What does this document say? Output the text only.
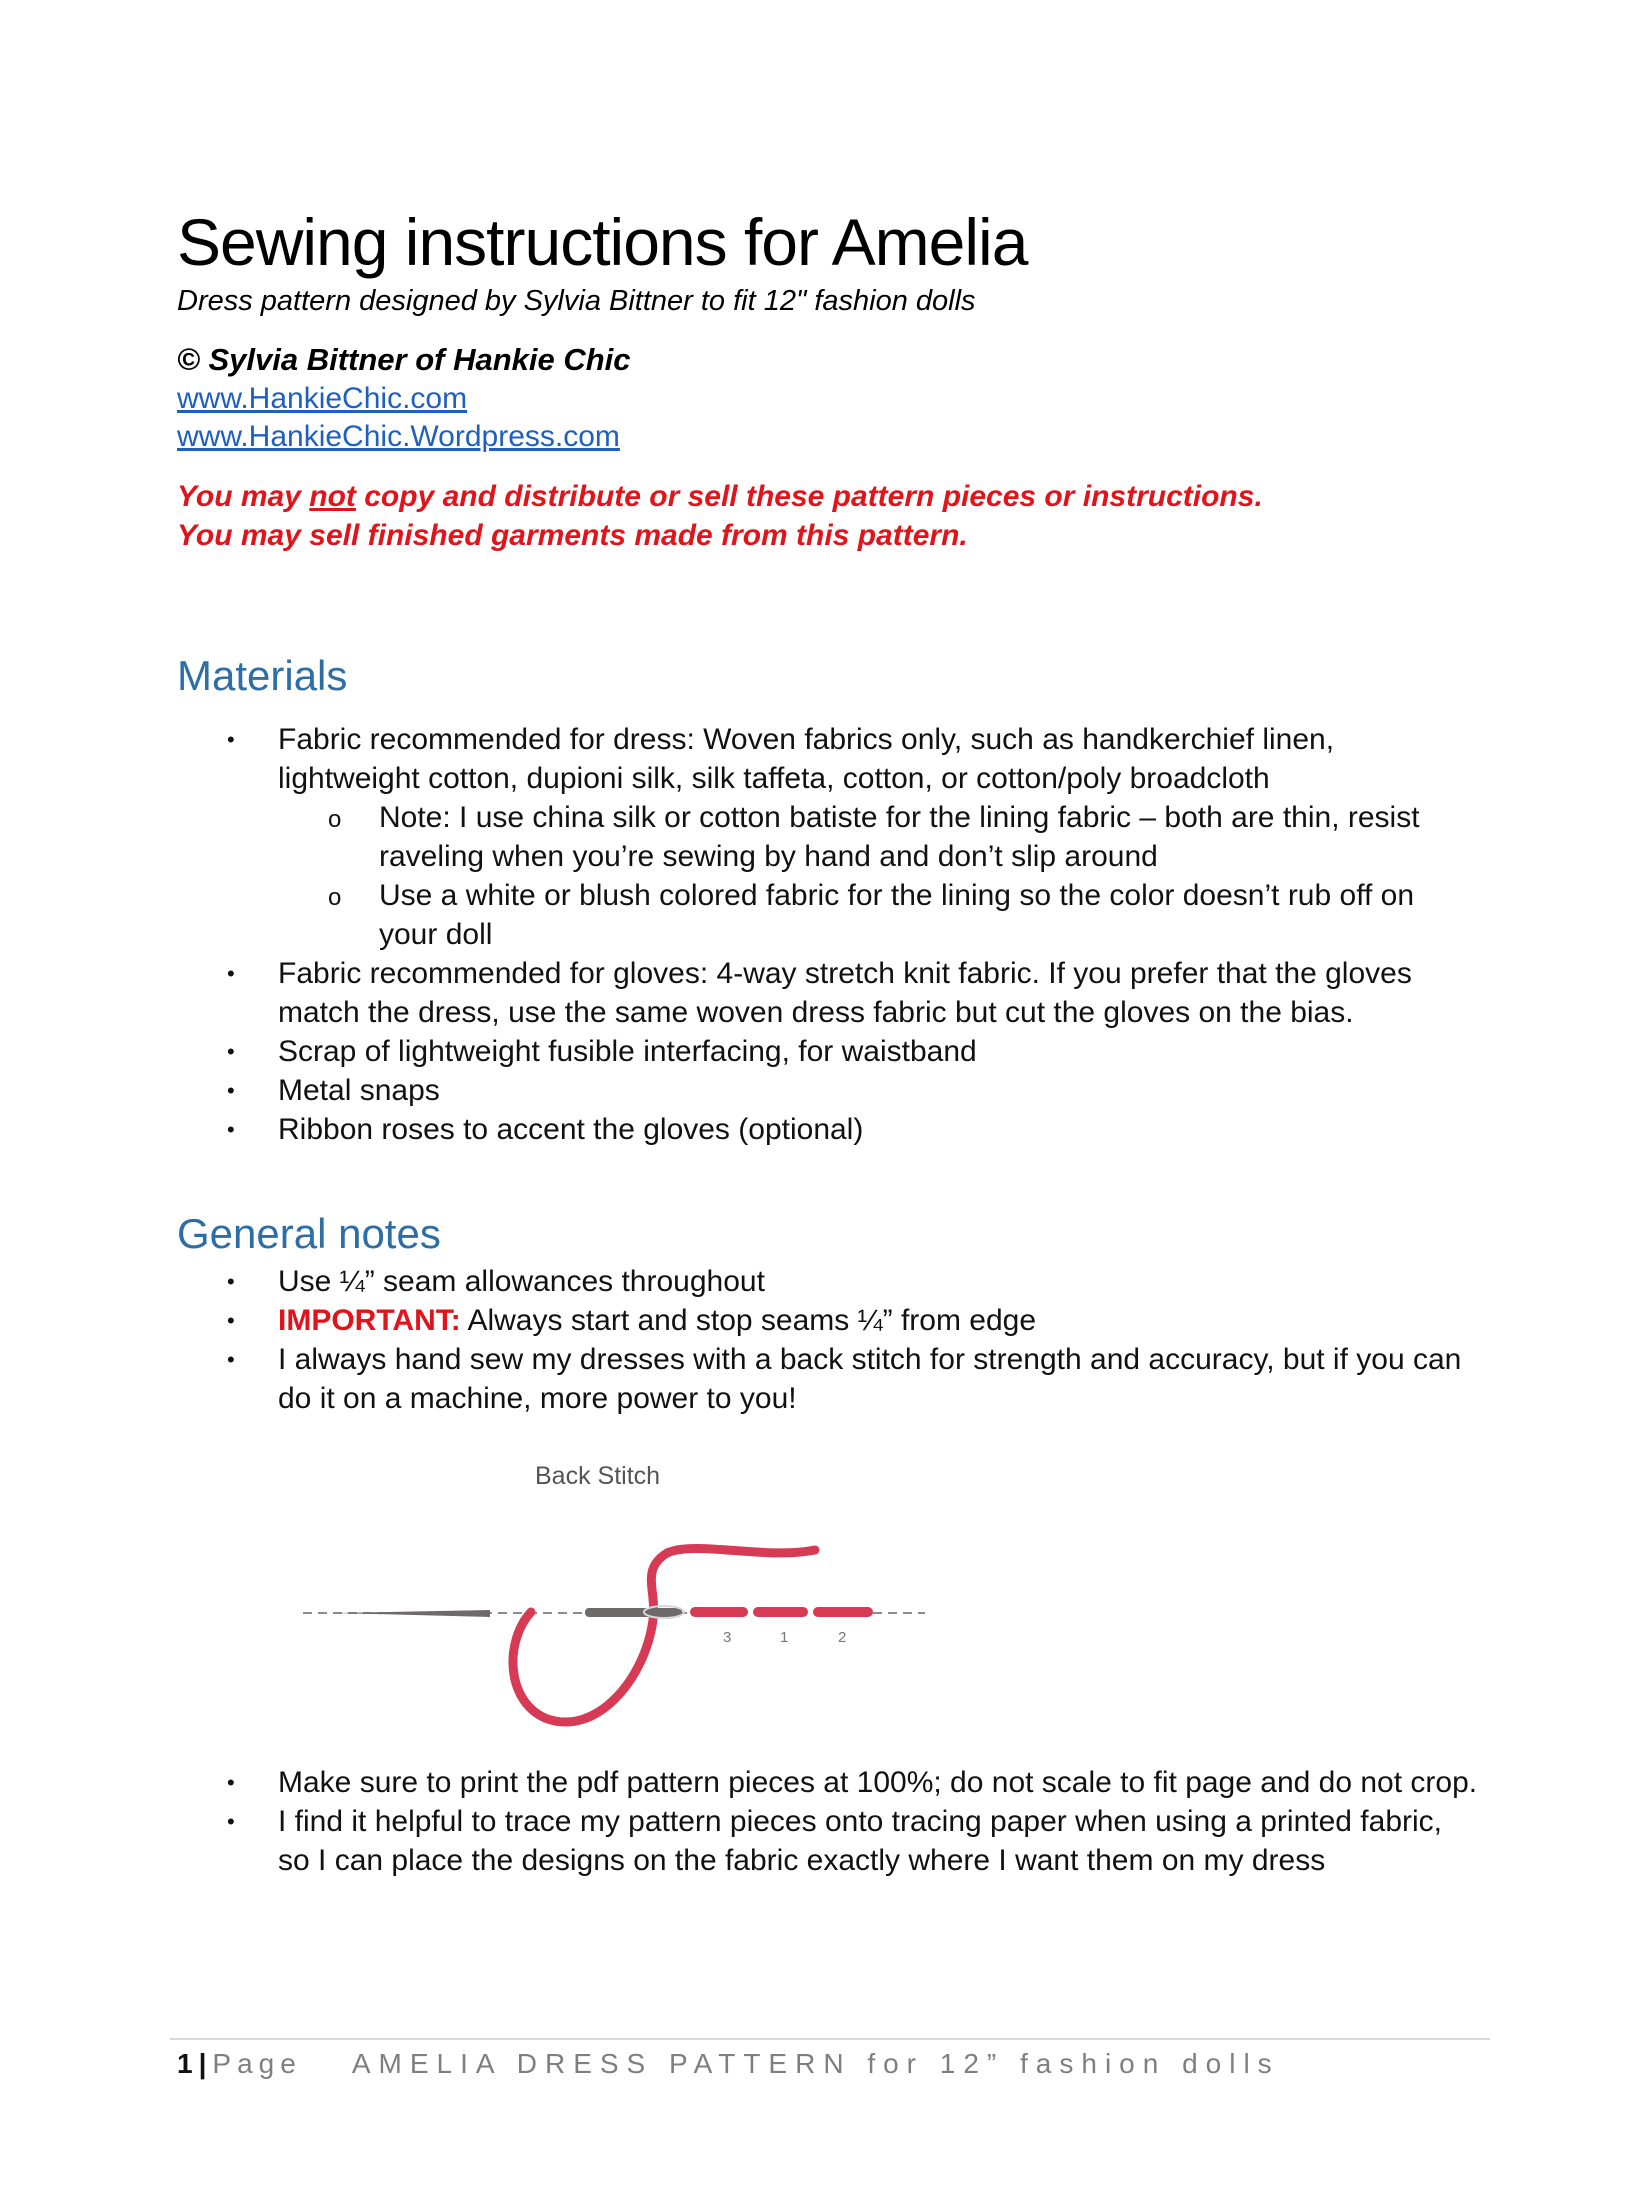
Sewing instructions for Amelia
Dress pattern designed by Sylvia Bittner to fit 12" fashion dolls
© Sylvia Bittner of Hankie Chic
www.HankieChic.com
www.HankieChic.Wordpress.com
You may not copy and distribute or sell these pattern pieces or instructions.
You may sell finished garments made from this pattern.
Materials
• Fabric recommended for dress: Woven fabrics only, such as handkerchief linen, lightweight cotton, dupioni silk, silk taffeta, cotton, or cotton/poly broadcloth
o Note: I use china silk or cotton batiste for the lining fabric – both are thin, resist raveling when you’re sewing by hand and don’t slip around
o Use a white or blush colored fabric for the lining so the color doesn’t rub off on your doll
• Fabric recommended for gloves: 4-way stretch knit fabric. If you prefer that the gloves match the dress, use the same woven dress fabric but cut the gloves on the bias.
• Scrap of lightweight fusible interfacing, for waistband
• Metal snaps
• Ribbon roses to accent the gloves (optional)
General notes
• Use ¼” seam allowances throughout
• IMPORTANT: Always start and stop seams ¼” from edge
• I always hand sew my dresses with a back stitch for strength and accuracy, but if you can do it on a machine, more power to you!
Back Stitch
3	1	2
• Make sure to print the pdf pattern pieces at 100%; do not scale to fit page and do not crop.
• I find it helpful to trace my pattern pieces onto tracing paper when using a printed fabric, so I can place the designs on the fabric exactly where I want them on my dress
1 | Page AMELIA DRESS PATTERN for 12” fashion dolls
